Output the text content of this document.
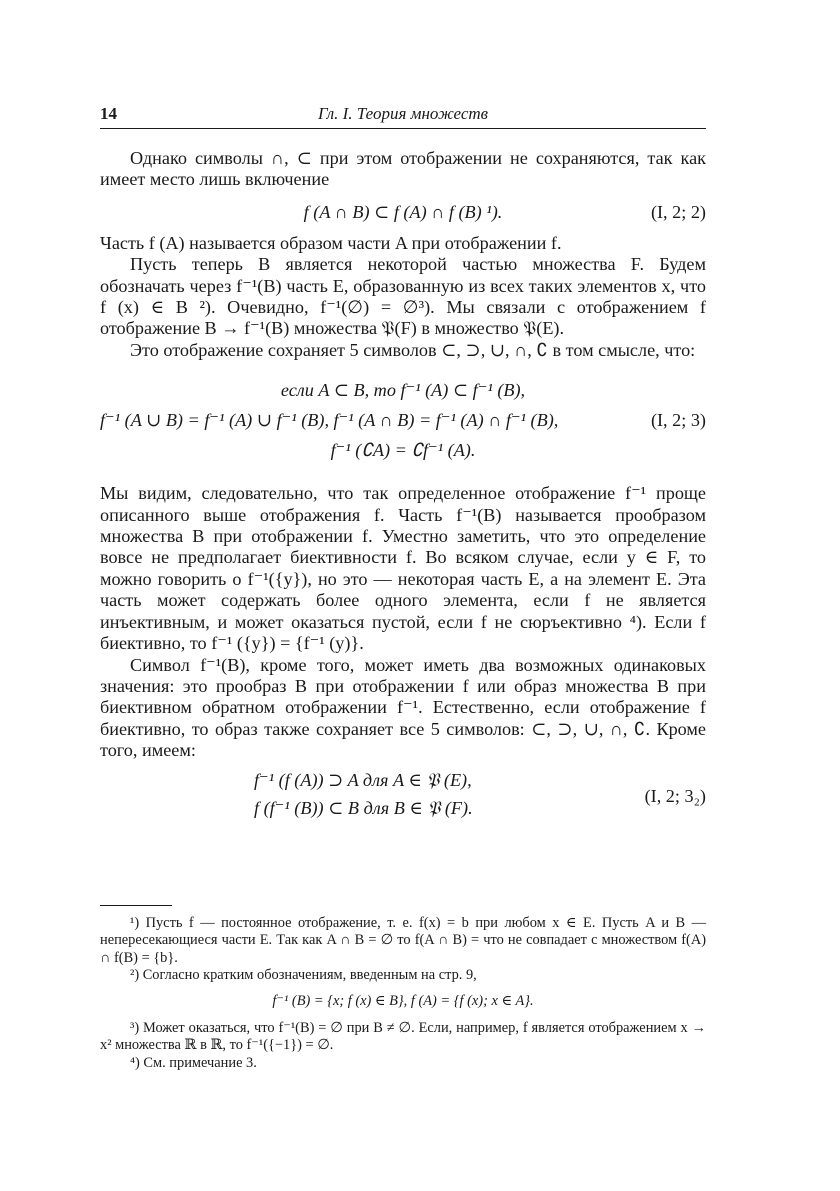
14	Гл. I. Теория множеств

Однако символы ∩, ⊂ при этом отображении не сохраняются, так как имеет место лишь включение

f (A ∩ B) ⊂ f (A) ∩ f (B) ¹).	(I, 2; 2)

Часть f (A) называется образом части A при отображении f.

Пусть теперь B является некоторой частью множества F. Будем обозначать через f⁻¹(B) часть E, образованную из всех таких элементов x, что f (x) ∈ B ²). Очевидно, f⁻¹(∅) = ∅³). Мы связали с отображением f отображение B → f⁻¹(B) множества 𝔓(F) в множество 𝔓(E).

Это отображение сохраняет 5 символов ⊂, ⊃, ∪, ∩, ∁ в том смысле, что:

если A ⊂ B, то f⁻¹ (A) ⊂ f⁻¹ (B),
f⁻¹ (A ∪ B) = f⁻¹ (A) ∪ f⁻¹ (B), f⁻¹ (A ∩ B) = f⁻¹ (A) ∩ f⁻¹ (B),
f⁻¹ (∁A) = ∁f⁻¹ (A).
(I, 2; 3)

Мы видим, следовательно, что так определенное отображение f⁻¹ проще описанного выше отображения f. Часть f⁻¹(B) называется прообразом множества B при отображении f. Уместно заметить, что это определение вовсе не предполагает биективности f. Во всяком случае, если y ∈ F, то можно говорить о f⁻¹({y}), но это — некоторая часть E, а на элемент E. Эта часть может содержать более одного элемента, если f не является инъективным, и может оказаться пустой, если f не сюръективно ⁴). Если f биективно, то f⁻¹ ({y}) = {f⁻¹ (y)}.

Символ f⁻¹(B), кроме того, может иметь два возможных одинаковых значения: это прообраз B при отображении f или образ множества B при биективном обратном отображении f⁻¹. Естественно, если отображение f биективно, то образ также сохраняет все 5 символов: ⊂, ⊃, ∪, ∩, ∁. Кроме того, имеем:

f⁻¹ (f (A)) ⊃ A для A ∈ 𝔓 (E),
f (f⁻¹ (B)) ⊂ B для B ∈ 𝔓 (F).
(I, 2; 3₂)

¹) Пусть f — постоянное отображение, т. е. f(x) = b при любом x ∈ E. Пусть A и B — непересекающиеся части E. Так как A ∩ B = ∅ то f(A ∩ B) = что не совпадает с множеством f(A) ∩ f(B) = {b}.

²) Согласно кратким обозначениям, введенным на стр. 9,

f⁻¹ (B) = {x; f (x) ∈ B}, f (A) = {f (x); x ∈ A}.

³) Может оказаться, что f⁻¹(B) = ∅ при B ≠ ∅. Если, например, f является отображением x → x² множества ℝ в ℝ, то f⁻¹({−1}) = ∅.

⁴) См. примечание 3.
